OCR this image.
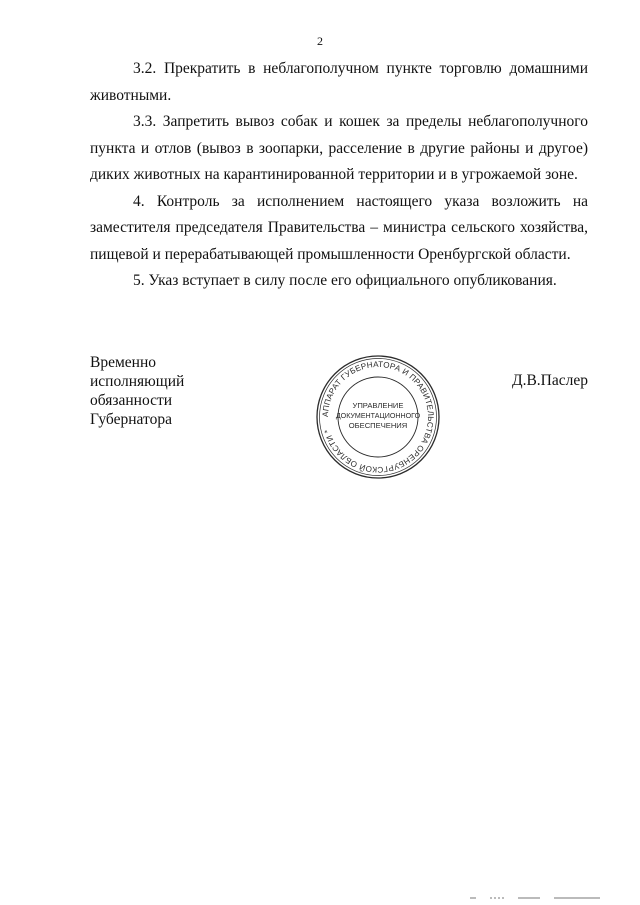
2

3.2. Прекратить в неблагополучном пункте торговлю домашними животными.

3.3. Запретить вывоз собак и кошек за пределы неблагополучного пункта и отлов (вывоз в зоопарки, расселение в другие районы и другое) диких животных на карантинированной территории и в угрожаемой зоне.

4. Контроль за исполнением настоящего указа возложить на заместителя председателя Правительства – министра сельского хозяйства, пищевой и перерабатывающей промышленности Оренбургской области.

5. Указ вступает в силу после его официального опубликования.

Временно исполняющий
обязанности Губернатора	АППАРАТ ГУБЕРНАТОРА И ПРАВИТЕЛЬСТВА ОРЕНБУРГСКОЙ ОБЛАСТИ *
УПРАВЛЕНИЕ
ДОКУМЕНТАЦИОННОГО
ОБЕСПЕЧЕНИЯ
Д.В.Паслер
